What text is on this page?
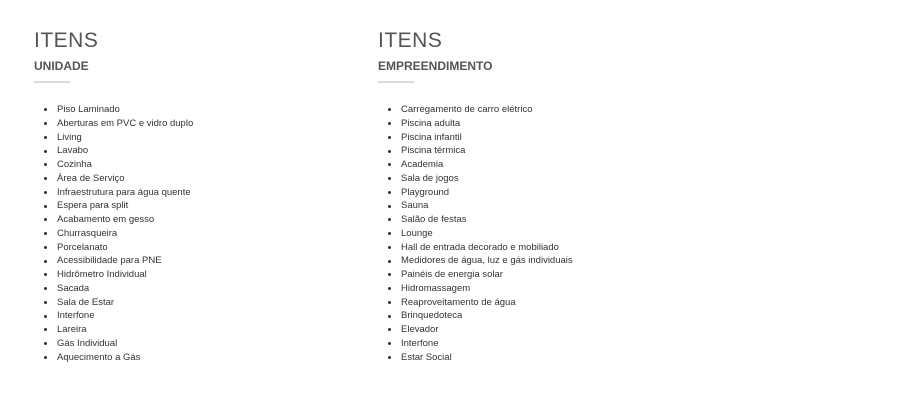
ITENS
UNIDADE
Piso Laminado
Aberturas em PVC e vidro duplo
Living
Lavabo
Cozinha
Área de Serviço
Infraestrutura para água quente
Espera para split
Acabamento em gesso
Churrasqueira
Porcelanato
Acessibilidade para PNE
Hidrômetro Individual
Sacada
Sala de Estar
Interfone
Lareira
Gás Individual
Aquecimento a Gás
ITENS
EMPREENDIMENTO
Carregamento de carro elétrico
Piscina adulta
Piscina infantil
Piscina térmica
Academia
Sala de jogos
Playground
Sauna
Salão de festas
Lounge
Hall de entrada decorado e mobiliado
Medidores de água, luz e gás individuais
Painéis de energia solar
Hidromassagem
Reaproveitamento de água
Brinquedoteca
Elevador
Interfone
Estar Social
